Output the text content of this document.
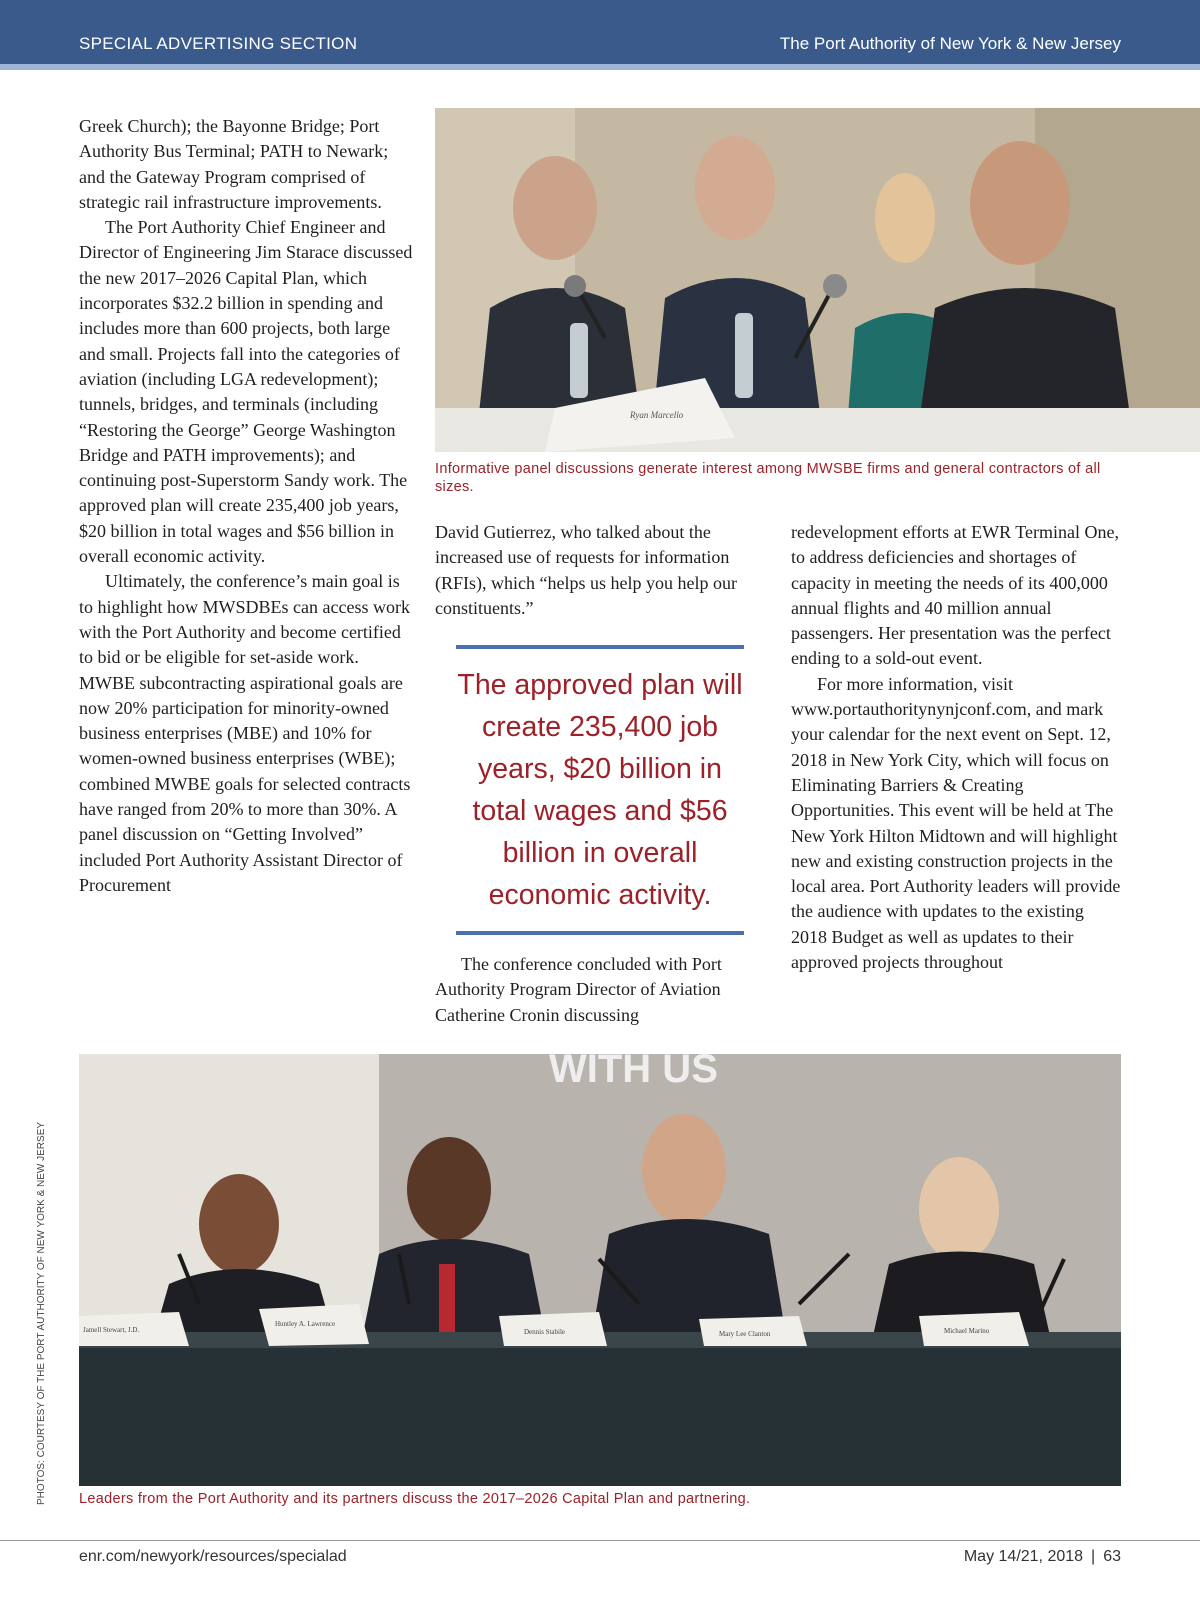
SPECIAL ADVERTISING SECTION	The Port Authority of New York & New Jersey

Greek Church); the Bayonne Bridge; Port Authority Bus Terminal; PATH to Newark; and the Gateway Program comprised of strategic rail infrastructure improvements.

The Port Authority Chief Engineer and Director of Engineering Jim Starace discussed the new 2017–2026 Capital Plan, which incorporates $32.2 billion in spending and includes more than 600 projects, both large and small. Projects fall into the categories of aviation (including LGA redevelopment); tunnels, bridges, and terminals (including “Restoring the George” George Washington Bridge and PATH improvements); and continuing post-Superstorm Sandy work. The approved plan will create 235,400 job years, $20 billion in total wages and $56 billion in overall economic activity.

Ultimately, the conference’s main goal is to highlight how MWSDBEs can access work with the Port Authority and become certified to bid or be eligible for set-aside work. MWBE subcontracting aspirational goals are now 20% participation for minority-owned business enterprises (MBE) and 10% for women-owned business enterprises (WBE); combined MWBE goals for selected contracts have ranged from 20% to more than 30%. A panel discussion on “Getting Involved” included Port Authority Assistant Director of Procurement

Ryan Marcello
Informative panel discussions generate interest among MWSBE firms and general contractors of all sizes.

David Gutierrez, who talked about the increased use of requests for information (RFIs), which “helps us help you help our constituents.”

The approved plan will create 235,400 job years, $20 billion in total wages and $56 billion in overall economic activity.

The conference concluded with Port Authority Program Director of Aviation Catherine Cronin discussing

redevelopment efforts at EWR Terminal One, to address deficiencies and shortages of capacity in meeting the needs of its 400,000 annual flights and 40 million annual passengers. Her presentation was the perfect ending to a sold-out event.

For more information, visit www.portauthoritynynjconf.com, and mark your calendar for the next event on Sept. 12, 2018 in New York City, which will focus on Eliminating Barriers & Creating Opportunities. This event will be held at The New York Hilton Midtown and will highlight new and existing construction projects in the local area. Port Authority leaders will provide the audience with updates to the existing 2018 Budget as well as updates to their approved projects throughout

WITH US
Jamell Stewart, J.D.
Huntley A. Lawrence
Dennis Stabile	Mary Lee Clanton	Michael Marino
Leaders from the Port Authority and its partners discuss the 2017–2026 Capital Plan and partnering.
PHOTOS: COURTESY OF THE PORT AUTHORITY OF NEW YORK & NEW JERSEY
enr.com/newyork/resources/specialad	May 14/21, 2018 | 63
